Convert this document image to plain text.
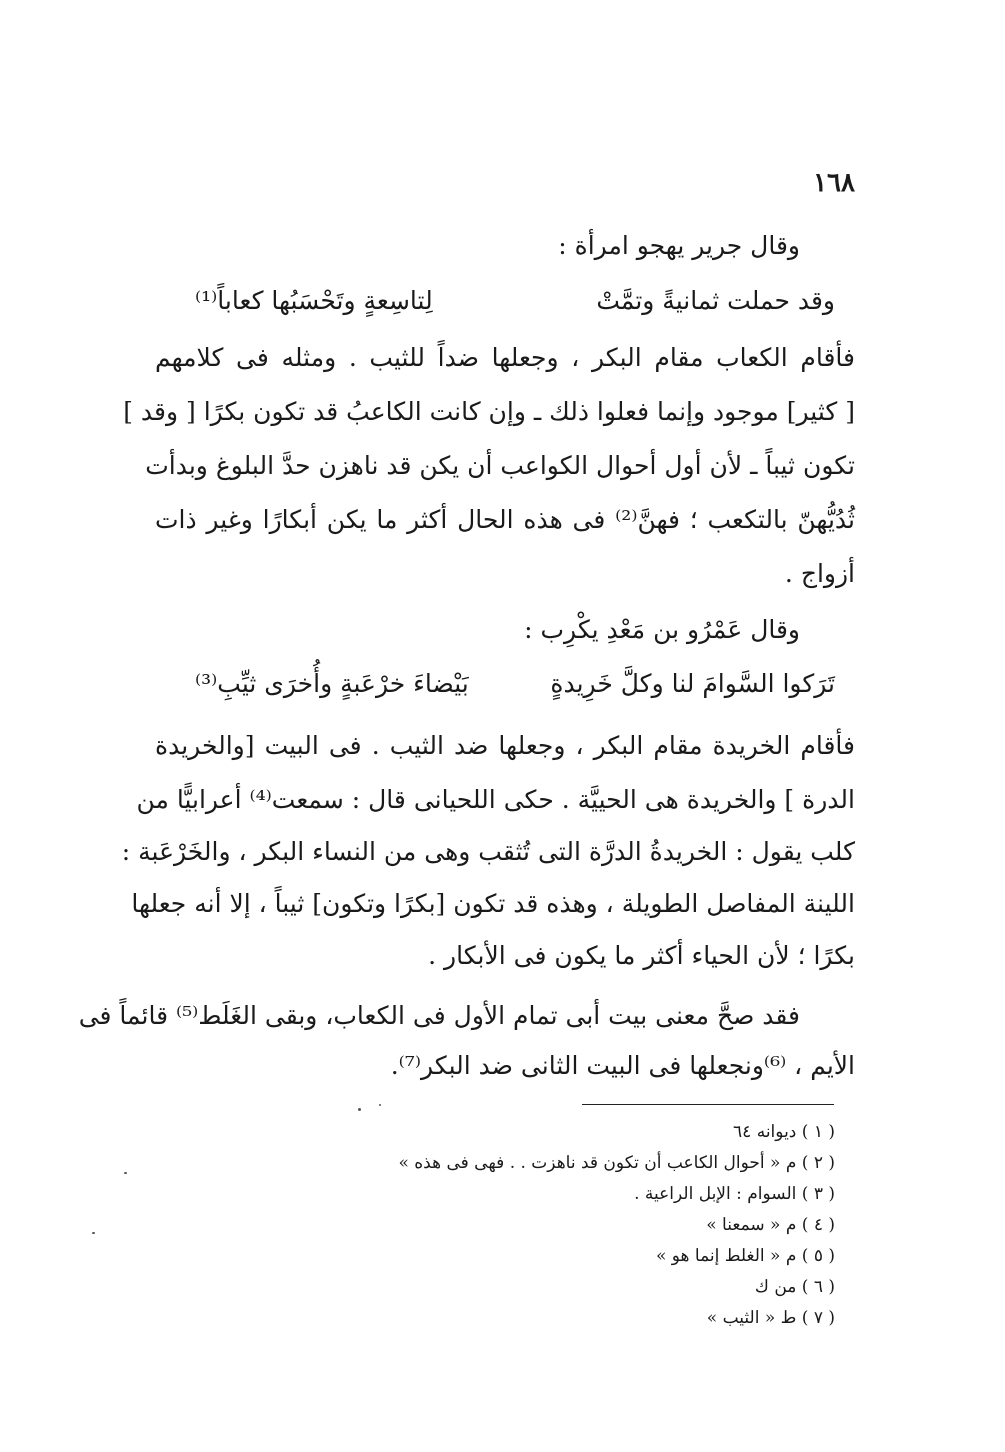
١٦٨
وقال جرير يهجو امرأة :
وقد حملت ثمانيةً وتمَّتْ
لِتاسِعةٍ وتَحْسَبُها كعاباً⁽¹⁾
فأقام الكعاب مقام البكر ، وجعلها ضداً للثيب . ومثله فى كلامهم
[ كثير] موجود وإنما فعلوا ذلك ـ وإن كانت الكاعبُ قد تكون بكرًا [ وقد ]
تكون ثيباً ـ لأن أول أحوال الكواعب أن يكن قد ناهزن حدَّ البلوغ وبدأت
ثُدُيُّهنّ بالتكعب ؛ فهنَّ⁽²⁾ فى هذه الحال أكثر ما يكن أبكارًا وغير ذات
أزواج .
وقال عَمْرُو بن مَعْدِ يكْرِب :
تَرَكوا السَّوامَ لنا وكلَّ خَرِيدةٍ
بَيْضاءَ خرْعَبةٍ وأُخرَى ثيِّبِ⁽³⁾
فأقام الخريدة مقام البكر ، وجعلها ضد الثيب . فى البيت [والخريدة
الدرة ] والخريدة هى الحييَّة . حكى اللحيانى قال : سمعت⁽⁴⁾ أعرابيًّا من
كلب يقول : الخريدةُ الدرَّة التى تُثقب وهى من النساء البكر ، والخَرْعَبة :
اللينة المفاصل الطويلة ، وهذه قد تكون [بكرًا وتكون] ثيباً ، إلا أنه جعلها
بكرًا ؛ لأن الحياء أكثر ما يكون فى الأبكار .
فقد صحَّ معنى بيت أبى تمام الأول فى الكعاب، وبقى الغَلَط⁽⁵⁾ قائماً فى
الأيم ، ⁽⁶⁾ونجعلها فى البيت الثانى ضد البكر⁽⁷⁾.
( ١ ) ديوانه ٦٤
( ٢ ) م « أحوال الكاعب أن تكون قد ناهزت . . فهى فى هذه »
( ٣ ) السوام : الإبل الراعية .
( ٤ ) م « سمعنا »
( ٥ ) م « الغلط إنما هو »
( ٦ ) من ك
( ٧ ) ط « الثيب »
